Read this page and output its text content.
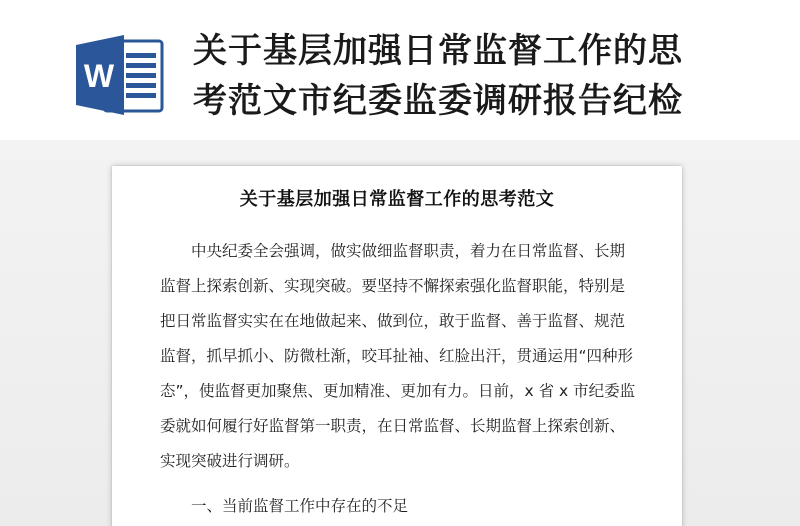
W
关于基层加强日常监督工作的思
考范文市纪委监委调研报告纪检
关于基层加强日常监督工作的思考范文
中央纪委全会强调，做实做细监督职责，着力在日常监督、长期
监督上探索创新、实现突破。要坚持不懈探索强化监督职能，特别是
把日常监督实实在在地做起来、做到位，敢于监督、善于监督、规范
监督，抓早抓小、防微杜渐，咬耳扯袖、红脸出汗，贯通运用“四种形
态”，使监督更加聚焦、更加精准、更加有力。日前，x 省 x 市纪委监
委就如何履行好监督第一职责，在日常监督、长期监督上探索创新、
实现突破进行调研。
一、当前监督工作中存在的不足
